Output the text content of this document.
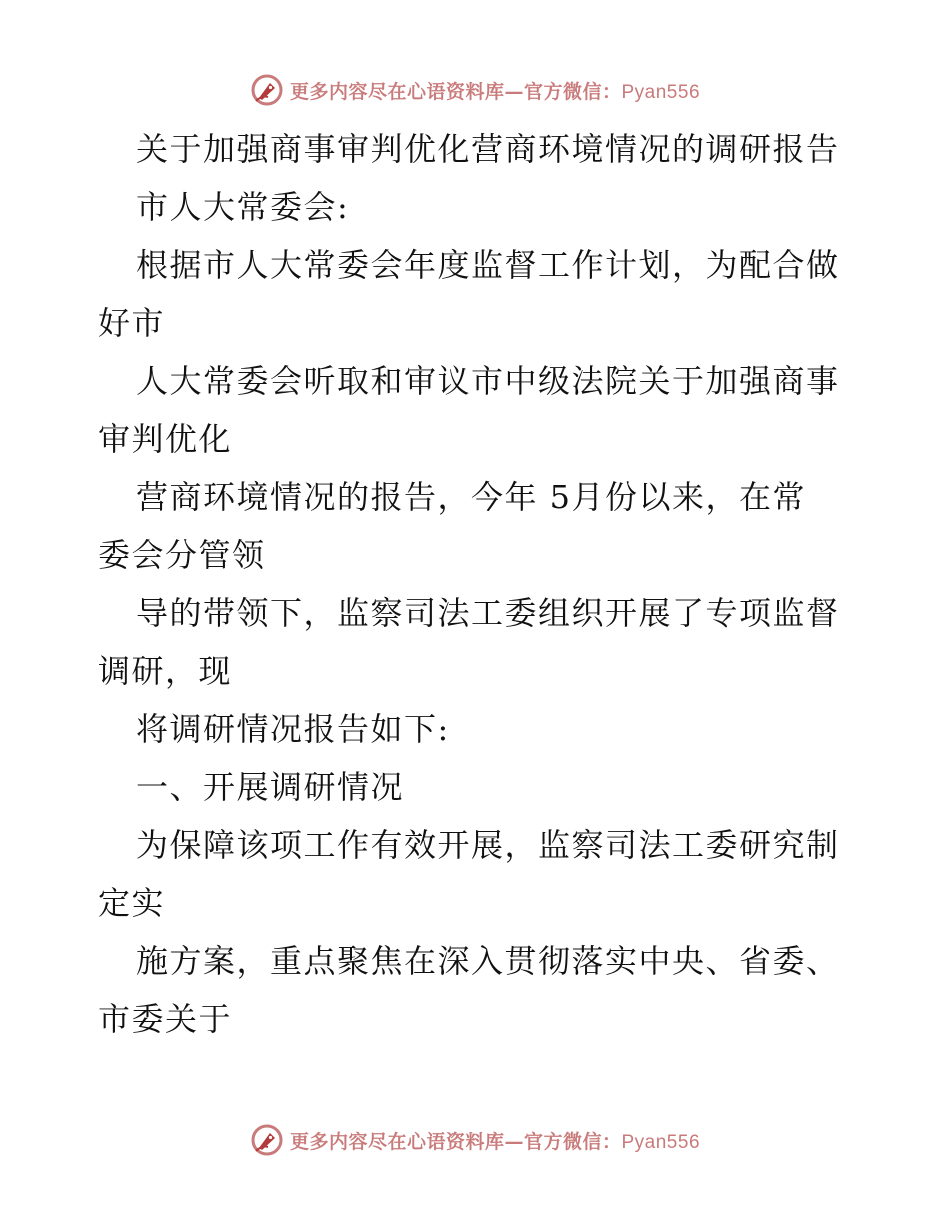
更多内容尽在心语资料库—官方微信：Pyan556
关于加强商事审判优化营商环境情况的调研报告
市人大常委会:
根据市人大常委会年度监督工作计划，为配合做
好市
人大常委会听取和审议市中级法院关于加强商事
审判优化
营商环境情况的报告，今年 5月份以来，在常
委会分管领
导的带领下，监察司法工委组织开展了专项监督
调研，现
将调研情况报告如下:
一、开展调研情况
为保障该项工作有效开展，监察司法工委研究制
定实
施方案，重点聚焦在深入贯彻落实中央、省委、
市委关于
更多内容尽在心语资料库—官方微信：Pyan556
